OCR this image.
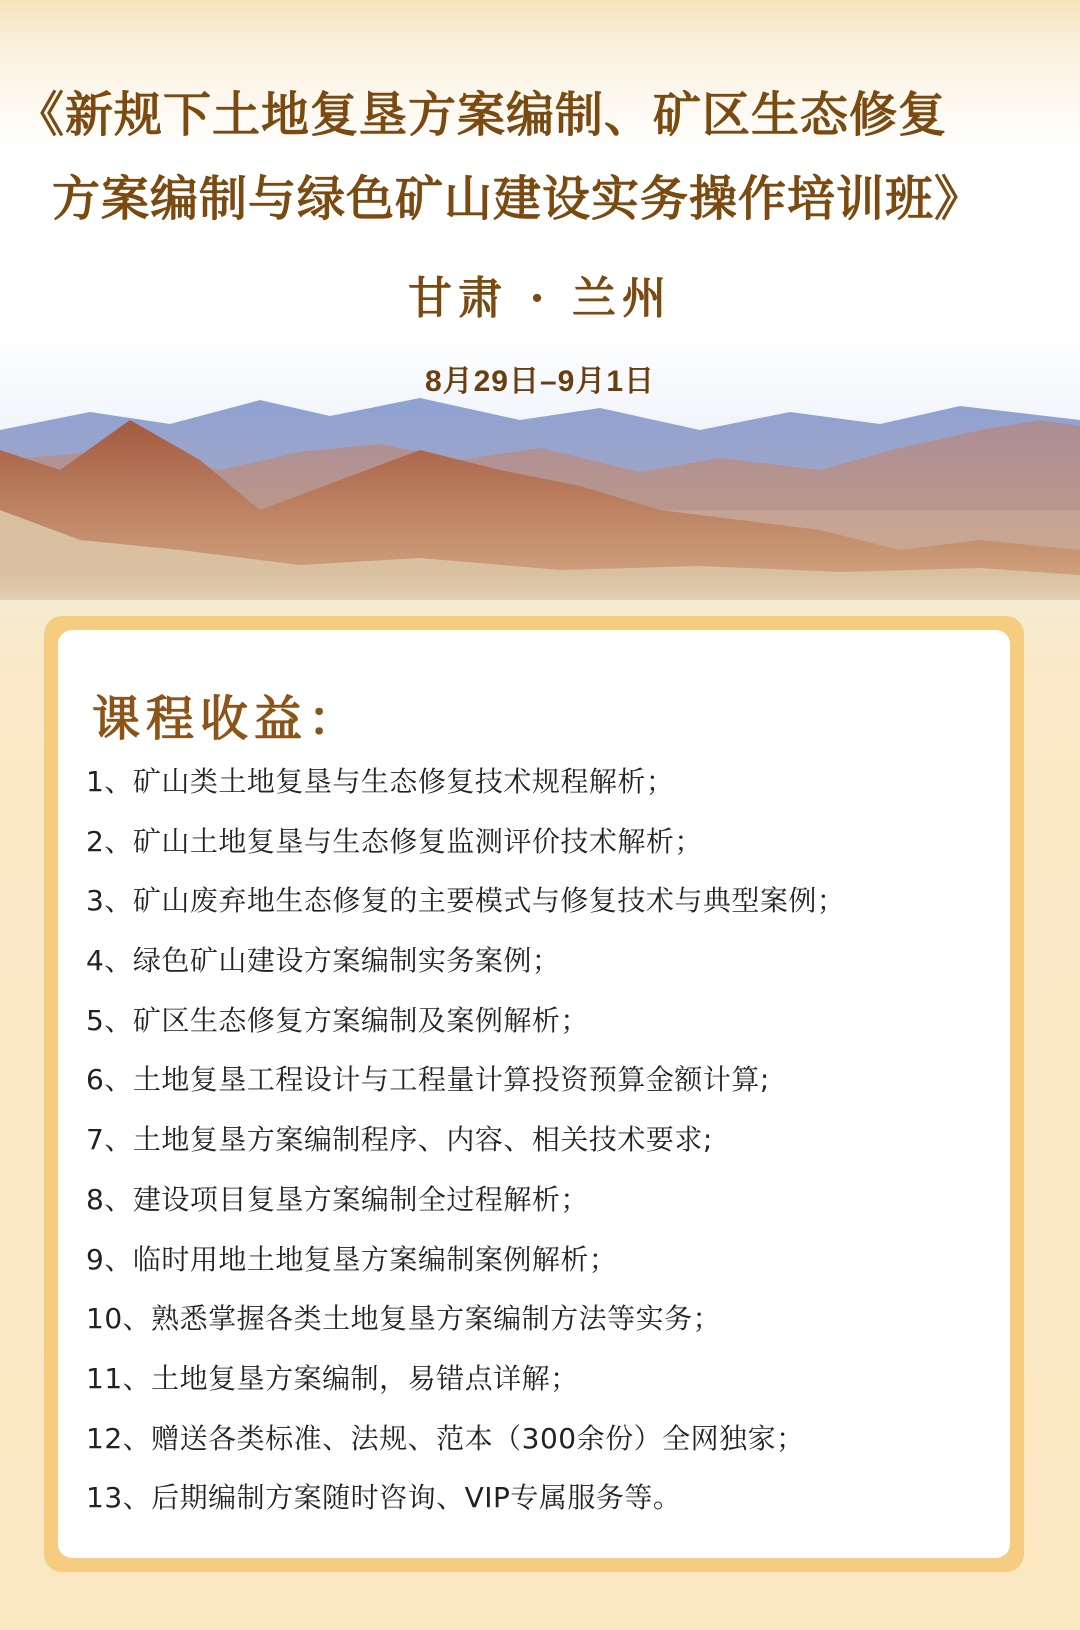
《新规下土地复垦方案编制、矿区生态修复
方案编制与绿色矿山建设实务操作培训班》
甘肃 · 兰州
8月29日–9月1日
课程收益：
1、矿山类土地复垦与生态修复技术规程解析；
2、矿山土地复垦与生态修复监测评价技术解析；
3、矿山废弃地生态修复的主要模式与修复技术与典型案例；
4、绿色矿山建设方案编制实务案例；
5、矿区生态修复方案编制及案例解析；
6、土地复垦工程设计与工程量计算投资预算金额计算;
7、土地复垦方案编制程序、内容、相关技术要求;
8、建设项目复垦方案编制全过程解析；
9、临时用地土地复垦方案编制案例解析；
10、熟悉掌握各类土地复垦方案编制方法等实务；
11、土地复垦方案编制，易错点详解；
12、赠送各类标准、法规、范本（300余份）全网独家；
13、后期编制方案随时咨询、VIP专属服务等。
